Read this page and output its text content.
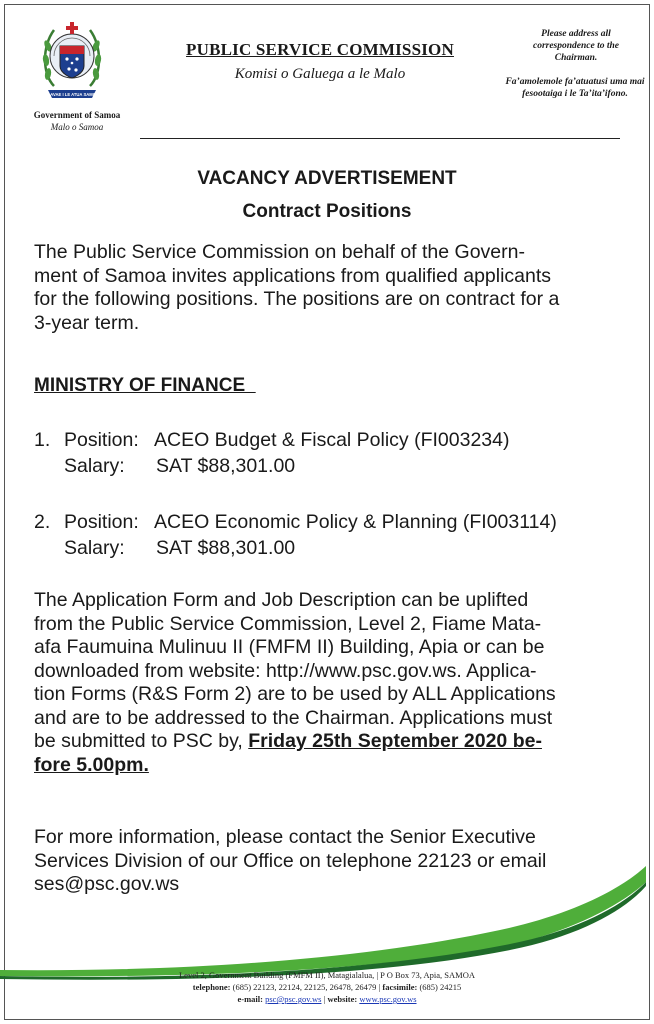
FAAVAE I LE ATUA SAMOA
Government of Samoa
Malo o Samoa
PUBLIC SERVICE COMMISSION
Komisi o Galuega a le Malo
Please address all correspondence to the Chairman.
Fa’amolemole fa’atuatusi uma mai fesootaiga i le Ta’ita’ifono.
VACANCY ADVERTISEMENT
Contract Positions
The Public Service Commission on behalf of the Govern-
ment of Samoa invites applications from qualified applicants
for the following positions. The positions are on contract for a
3-year term.
MINISTRY OF FINANCE
1. Position: ACEO Budget & Fiscal Policy (FI003234)
Salary: SAT $88,301.00
2. Position: ACEO Economic Policy & Planning (FI003114)
Salary: SAT $88,301.00
The Application Form and Job Description can be uplifted
from the Public Service Commission, Level 2, Fiame Mata-
afa Faumuina Mulinuu II (FMFM II) Building, Apia or can be
downloaded from website: http://www.psc.gov.ws. Applica-
tion Forms (R&S Form 2) are to be used by ALL Applications
and are to be addressed to the Chairman. Applications must
be submitted to PSC by, Friday 25th September 2020 be-
fore 5.00pm.
For more information, please contact the Senior Executive
Services Division of our Office on telephone 22123 or email
ses@psc.gov.ws
Level 2, Government Building (FMFM II), Matagialalua, | P O Box 73, Apia, SAMOA
telephone: (685) 22123, 22124, 22125, 26478, 26479 | facsimile: (685) 24215
e-mail: psc@psc.gov.ws | website: www.psc.gov.ws
